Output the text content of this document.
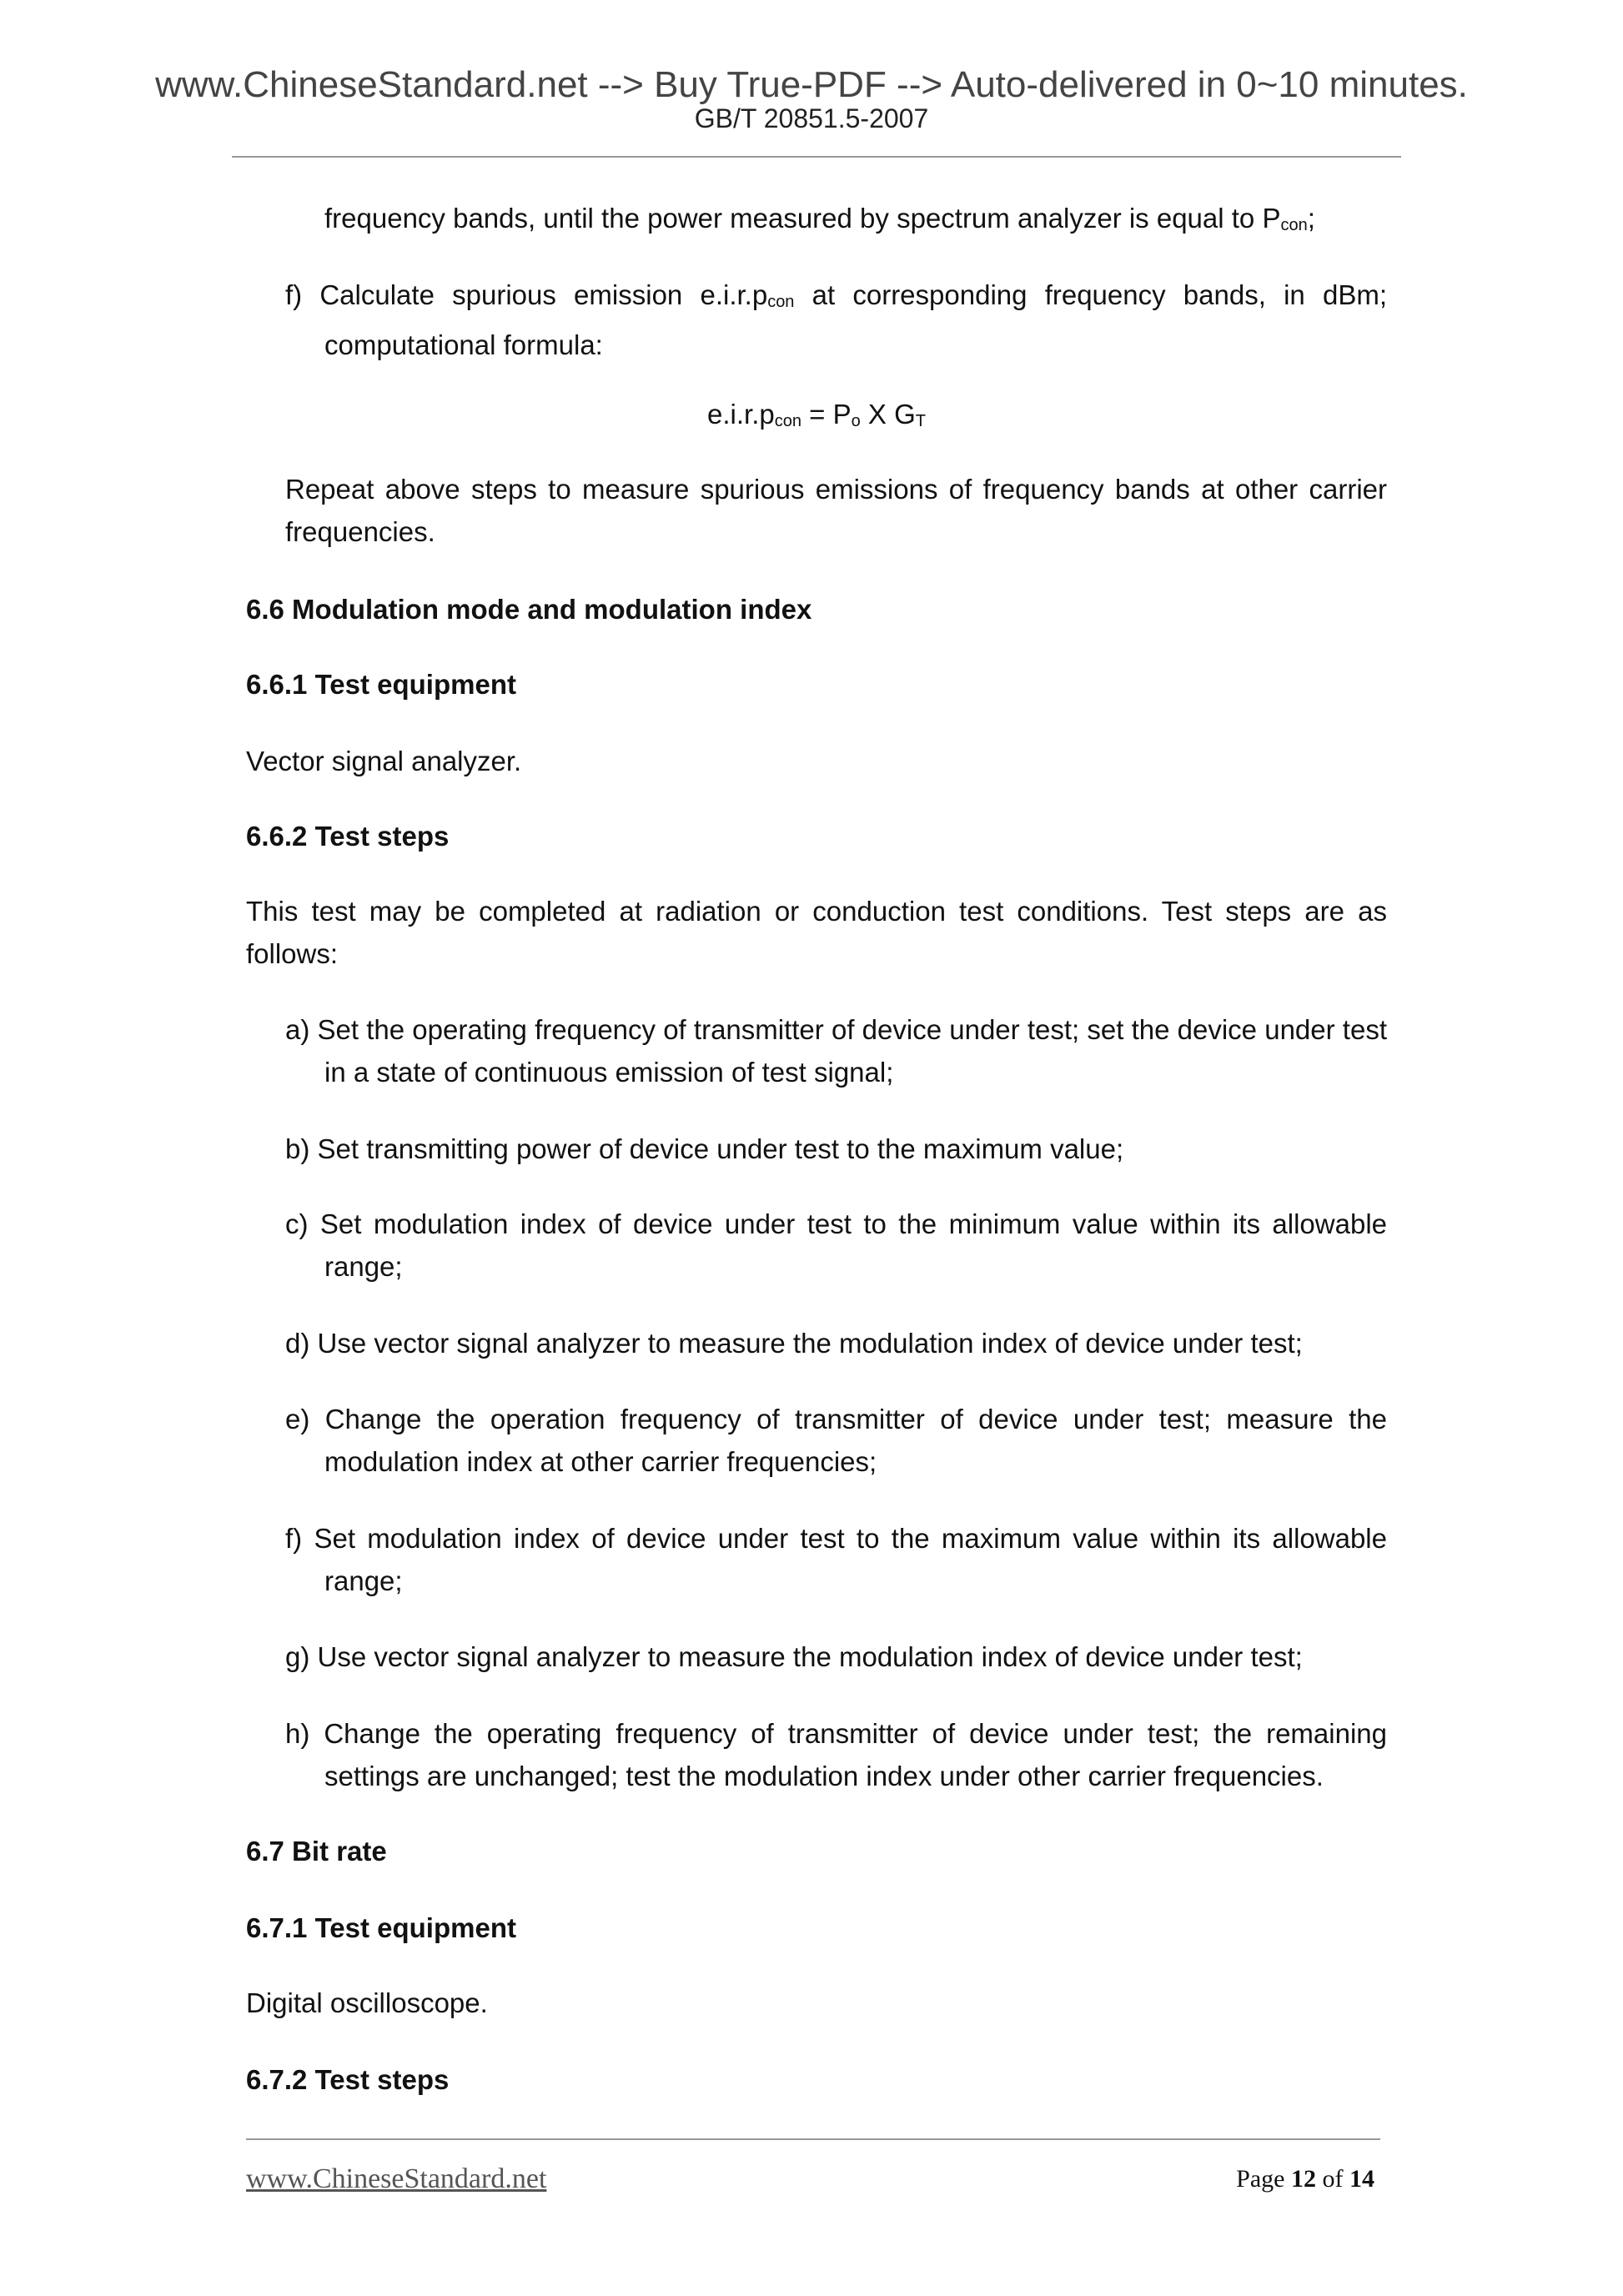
www.ChineseStandard.net --> Buy True-PDF --> Auto-delivered in 0~10 minutes.
GB/T 20851.5-2007
frequency bands, until the power measured by spectrum analyzer is equal to $P_{con}$;
f) Calculate spurious emission $e.i.r.p_{con}$ at corresponding frequency bands, in dBm; computational formula:
$e.i.r.p_{con} = P_o$ X $G_T$
Repeat above steps to measure spurious emissions of frequency bands at other carrier frequencies.
6.6 Modulation mode and modulation index
6.6.1 Test equipment
Vector signal analyzer.
6.6.2 Test steps
This test may be completed at radiation or conduction test conditions. Test steps are as follows:
a) Set the operating frequency of transmitter of device under test; set the device under test in a state of continuous emission of test signal;
b) Set transmitting power of device under test to the maximum value;
c) Set modulation index of device under test to the minimum value within its allowable range;
d) Use vector signal analyzer to measure the modulation index of device under test;
e) Change the operation frequency of transmitter of device under test; measure the modulation index at other carrier frequencies;
f) Set modulation index of device under test to the maximum value within its allowable range;
g) Use vector signal analyzer to measure the modulation index of device under test;
h) Change the operating frequency of transmitter of device under test; the remaining settings are unchanged; test the modulation index under other carrier frequencies.
6.7 Bit rate
6.7.1 Test equipment
Digital oscilloscope.
6.7.2 Test steps
www.ChineseStandard.net	Page 12 of 14
